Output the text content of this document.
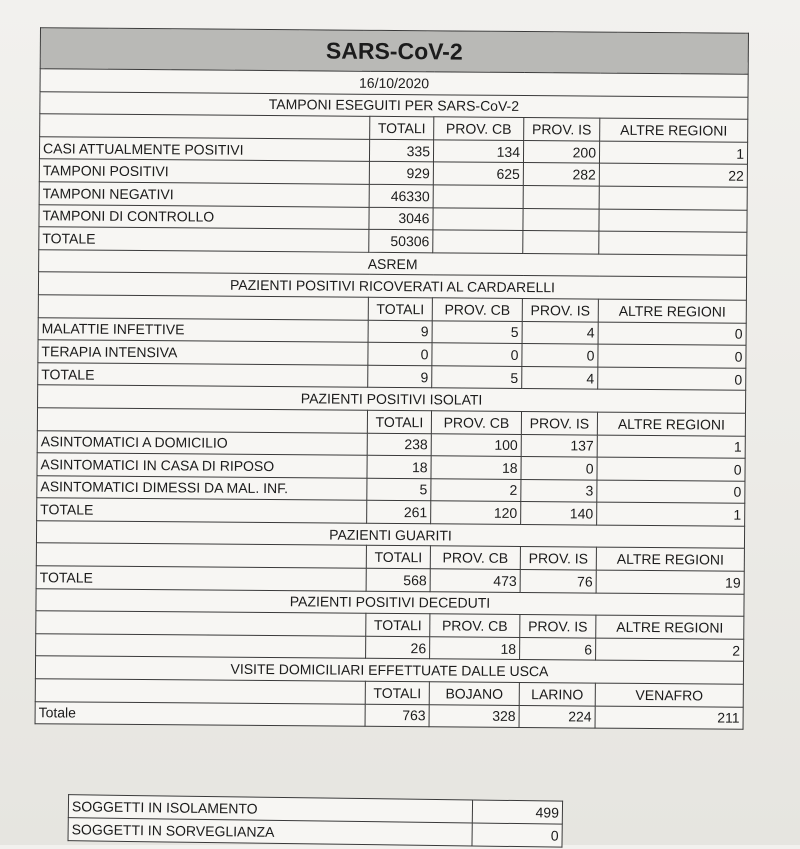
SARS-CoV-2				
16/10/2020				
TAMPONI ESEGUITI PER SARS-CoV-2				
	TOTALI	PROV. CB	PROV. IS	ALTRE REGIONI
CASI ATTUALMENTE POSITIVI	335	134	200	1
TAMPONI POSITIVI	929	625	282	22
TAMPONI NEGATIVI	46330			
TAMPONI DI CONTROLLO	3046			
TOTALE	50306			
ASREM				
PAZIENTI POSITIVI RICOVERATI AL CARDARELLI				
	TOTALI	PROV. CB	PROV. IS	ALTRE REGIONI
MALATTIE INFETTIVE	9	5	4	0
TERAPIA INTENSIVA	0	0	0	0
TOTALE	9	5	4	0
PAZIENTI POSITIVI ISOLATI				
	TOTALI	PROV. CB	PROV. IS	ALTRE REGIONI
ASINTOMATICI A DOMICILIO	238	100	137	1
ASINTOMATICI IN CASA DI RIPOSO	18	18	0	0
ASINTOMATICI DIMESSI DA MAL. INF.	5	2	3	0
TOTALE	261	120	140	1
PAZIENTI GUARITI				
	TOTALI	PROV. CB	PROV. IS	ALTRE REGIONI
TOTALE	568	473	76	19
PAZIENTI POSITIVI DECEDUTI				
	TOTALI	PROV. CB	PROV. IS	ALTRE REGIONI
	26	18	6	2
VISITE DOMICILIARI EFFETTUATE DALLE USCA				
	TOTALI	BOJANO	LARINO	VENAFRO
Totale	763	328	224	211
SOGGETTI IN ISOLAMENTO	499
SOGGETTI IN SORVEGLIANZA	0
